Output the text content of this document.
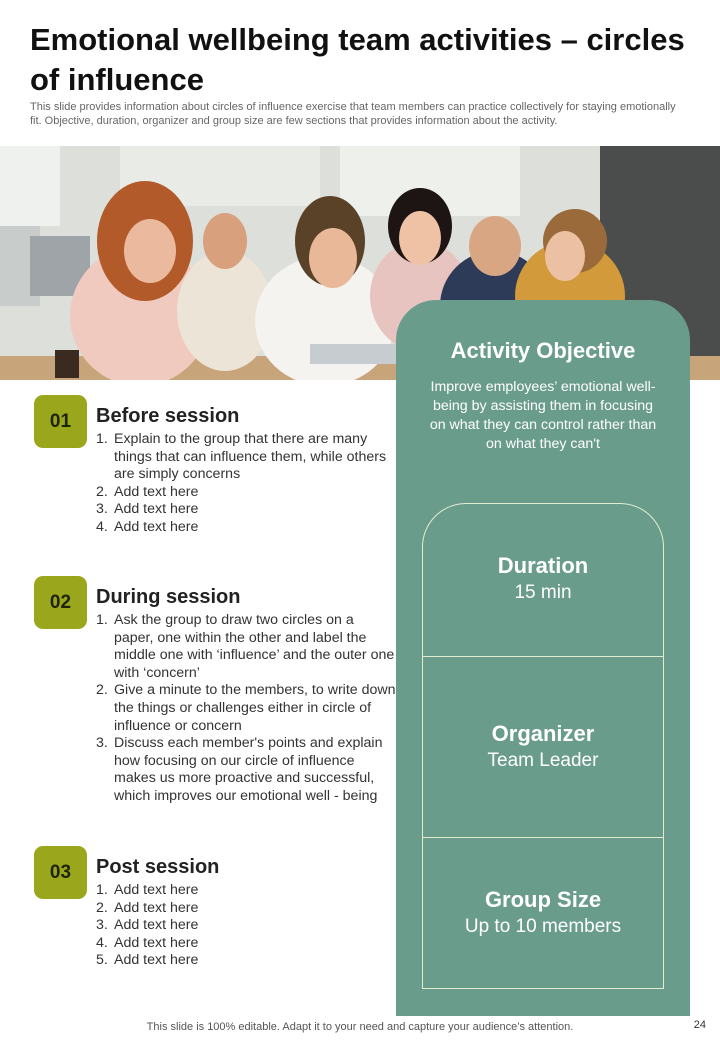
Emotional wellbeing team activities – circles of influence

This slide provides information about circles of influence exercise that team members can practice collectively for staying emotionally fit. Objective, duration, organizer and group size are few sections that provides information about the activity.

01	Before session
1. Explain to the group that there are many things that can influence them, while others are simply concerns
2. Add text here
3. Add text here
4. Add text here
02	During session
1. Ask the group to draw two circles on a paper, one within the other and label the middle one with ‘influence’ and the outer one with ‘concern’
2. Give a minute to the members, to write down the things or challenges either in circle of influence or concern
3. Discuss each member's points and explain how focusing on our circle of influence makes us more proactive and successful, which improves our emotional well - being
03	Post session
1. Add text here
2. Add text here
3. Add text here
4. Add text here
5. Add text here
Activity Objective

Improve employees’ emotional well-being by assisting them in focusing on what they can control rather than on what they can't

Duration
15 min
Organizer
Team Leader
Group Size
Up to 10 members

This slide is 100% editable. Adapt it to your need and capture your audience’s attention.	24
